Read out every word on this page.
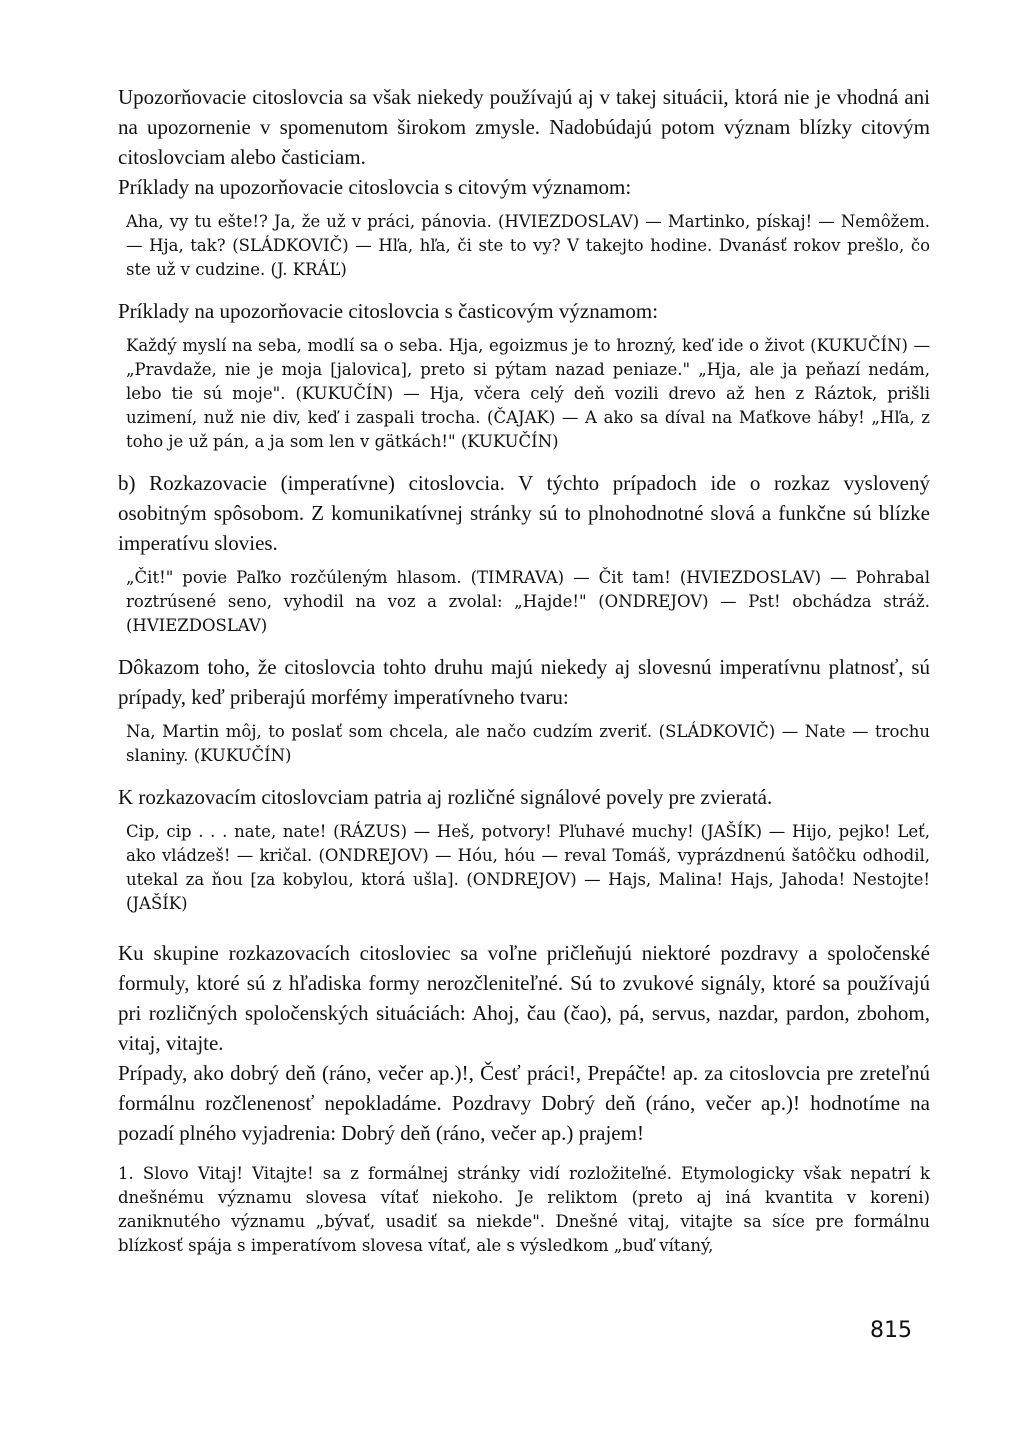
Upozorňovacie citoslovcia sa však niekedy používajú aj v takej situácii, ktorá nie je vhodná ani na upozornenie v spomenutom širokom zmysle. Nadobúdajú potom význam blízky citovým citoslovciam alebo časticiam.

Príklady na upozorňovacie citoslovcia s citovým významom:

Aha, vy tu ešte!? Ja, že už v práci, pánovia. (HVIEZDOSLAV) — Martinko, pískaj! — Nemôžem. — Hja, tak? (SLÁDKOVIČ) — Hľa, hľa, či ste to vy? V takejto hodine. Dvanásť rokov prešlo, čo ste už v cudzine. (J. KRÁĽ)

Príklady na upozorňovacie citoslovcia s časticovým významom:

Každý myslí na seba, modlí sa o seba. Hja, egoizmus je to hrozný, keď ide o život (KUKUČÍN) — „Pravdaže, nie je moja [jalovica], preto si pýtam nazad peniaze." „Hja, ale ja peňazí nedám, lebo tie sú moje". (KUKUČÍN) — Hja, včera celý deň vozili drevo až hen z Ráztok, prišli uzimení, nuž nie div, keď i zaspali trocha. (ČAJAK) — A ako sa díval na Maťkove háby! „Hľa, z toho je už pán, a ja som len v gätkách!" (KUKUČÍN)

b) Rozkazovacie (imperatívne) citoslovcia. V týchto prípadoch ide o rozkaz vyslovený osobitným spôsobom. Z komunikatívnej stránky sú to plnohodnotné slová a funkčne sú blízke imperatívu slovies.

„Čit!" povie Paľko rozčúleným hlasom. (TIMRAVA) — Čit tam! (HVIEZDOSLAV) — Pohrabal roztrúsené seno, vyhodil na voz a zvolal: „Hajde!" (ONDREJOV) — Pst! obchádza stráž. (HVIEZDOSLAV)

Dôkazom toho, že citoslovcia tohto druhu majú niekedy aj slovesnú imperatívnu platnosť, sú prípady, keď priberajú morfémy imperatívneho tvaru:

Na, Martin môj, to poslať som chcela, ale načo cudzím zveriť. (SLÁDKOVIČ) — Nate — trochu slaniny. (KUKUČÍN)

K rozkazovacím citoslovciam patria aj rozličné signálové povely pre zvieratá.

Cip, cip . . . nate, nate! (RÁZUS) — Heš, potvory! Pľuhavé muchy! (JAŠÍK) — Hijo, pejko! Leť, ako vládzeš! — kričal. (ONDREJOV) — Hóu, hóu — reval Tomáš, vyprázdnenú šatôčku odhodil, utekal za ňou [za kobylou, ktorá ušla]. (ONDREJOV) — Hajs, Malina! Hajs, Jahoda! Nestojte! (JAŠÍK)

Ku skupine rozkazovacích citosloviec sa voľne pričleňujú niektoré pozdravy a spoločenské formuly, ktoré sú z hľadiska formy nerozčleniteľné. Sú to zvukové signály, ktoré sa používajú pri rozličných spoločenských situáciách: Ahoj, čau (čao), pá, servus, nazdar, pardon, zbohom, vitaj, vitajte.

Prípady, ako dobrý deň (ráno, večer ap.)!, Česť práci!, Prepáčte! ap. za citoslovcia pre zreteľnú formálnu rozčlenenosť nepokladáme. Pozdravy Dobrý deň (ráno, večer ap.)! hodnotíme na pozadí plného vyjadrenia: Dobrý deň (ráno, večer ap.) prajem!

1. Slovo Vitaj! Vitajte! sa z formálnej stránky vidí rozložiteľné. Etymologicky však nepatrí k dnešnému významu slovesa vítať niekoho. Je reliktom (preto aj iná kvantita v koreni) zaniknutého významu „bývať, usadiť sa niekde". Dnešné vitaj, vitajte sa síce pre formálnu blízkosť spája s imperatívom slovesa vítať, ale s výsledkom „buď vítaný,

815
